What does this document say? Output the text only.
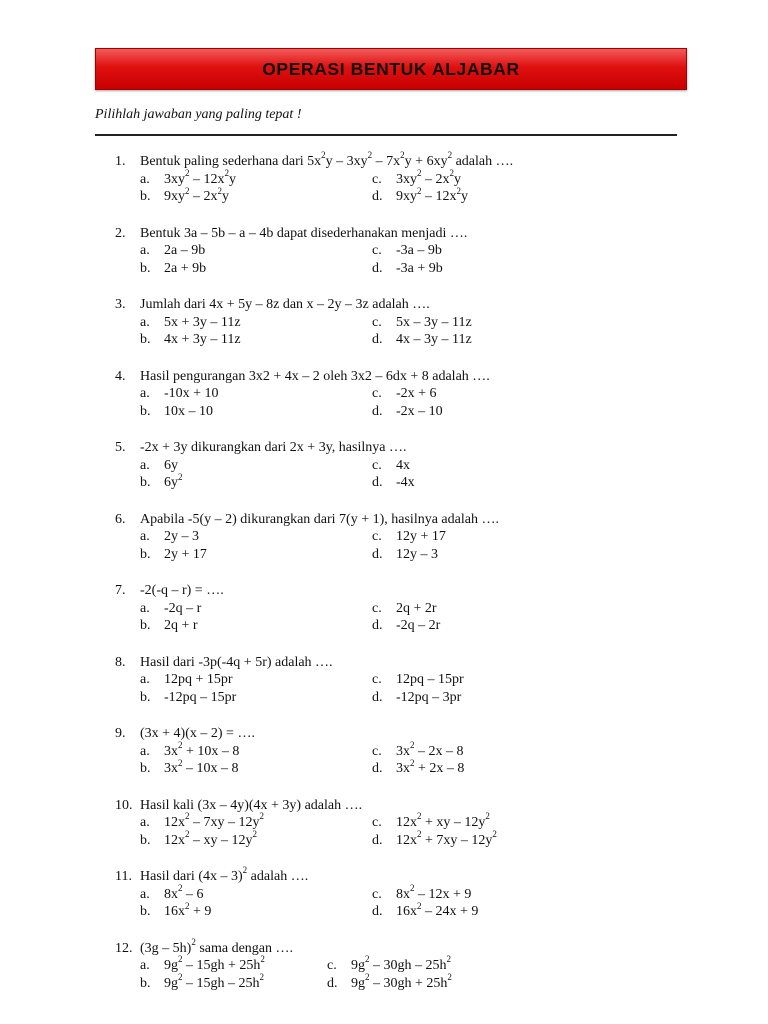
OPERASI BENTUK ALJABAR
Pilihlah jawaban yang paling tepat !
1.	Bentuk paling sederhana dari $5x^2y - 3xy^2 - 7x^2y + 6xy^2$ adalah ….
a.	$3xy^2 - 12x^2y$	c.	$3xy^2 - 2x^2y$
b. $9xy^2 - 2x^2y$	d. $9xy^2 - 12x^2y$
2.	Bentuk 3a – 5b – a – 4b dapat disederhanakan menjadi ….
a.	2a – 9b	c.	-3a – 9b
b. 2a + 9b	d. -3a + 9b
3.	Jumlah dari 4x + 5y – 8z dan x – 2y – 3z adalah ….
a.	5x + 3y – 11z	c.	5x – 3y – 11z
b. 4x + 3y – 11z	d. 4x – 3y – 11z
4.	Hasil pengurangan 3x2 + 4x – 2 oleh 3x2 – 6dx + 8 adalah ….
a.	-10x + 10	c.	-2x + 6
b. 10x – 10	d. -2x – 10
5.	-2x + 3y dikurangkan dari 2x + 3y, hasilnya ….
a.	6y	c.	4x
b. $6y^2$	d. -4x
6.	Apabila -5(y – 2) dikurangkan dari 7(y + 1), hasilnya adalah ….
a.	2y – 3	c.	12y + 17
b. 2y + 17	d. 12y – 3
7.	-2(-q – r) = ….
a.	-2q – r	c.	2q + 2r
b. 2q + r	d. -2q – 2r
8.	Hasil dari -3p(-4q + 5r) adalah ….
a.	12pq + 15pr	c.	12pq – 15pr
b. -12pq – 15pr	d. -12pq – 3pr
9.	(3x + 4)(x – 2) = ….
a.	$3x^2 + 10x - 8$	c.	$3x^2 - 2x - 8$
b. $3x^2 - 10x - 8$	d. $3x^2 + 2x - 8$
10. Hasil kali (3x – 4y)(4x + 3y) adalah ….
a.	$12x^2 - 7xy - 12y^2$	c.	$12x^2$ + xy – $12y^2$
b. $12x^2$ – xy – $12y^2$	d. $12x^2 + 7xy - 12y^2$
11. Hasil dari (4x – 3)$^2$ adalah ….
a.	$8x^2 - 6$	c.	$8x^2 - 12x + 9$
b. $16x^2 + 9$	d. $16x^2 - 24x + 9$
12. (3g – 5h)$^2$ sama dengan ….
a.	$9g^2 - 15gh + 25h^2$	c.	$9g^2 - 30gh - 25h^2$
b. $9g^2 - 15gh - 25h^2$	d. $9g^2 - 30gh + 25h^2$
